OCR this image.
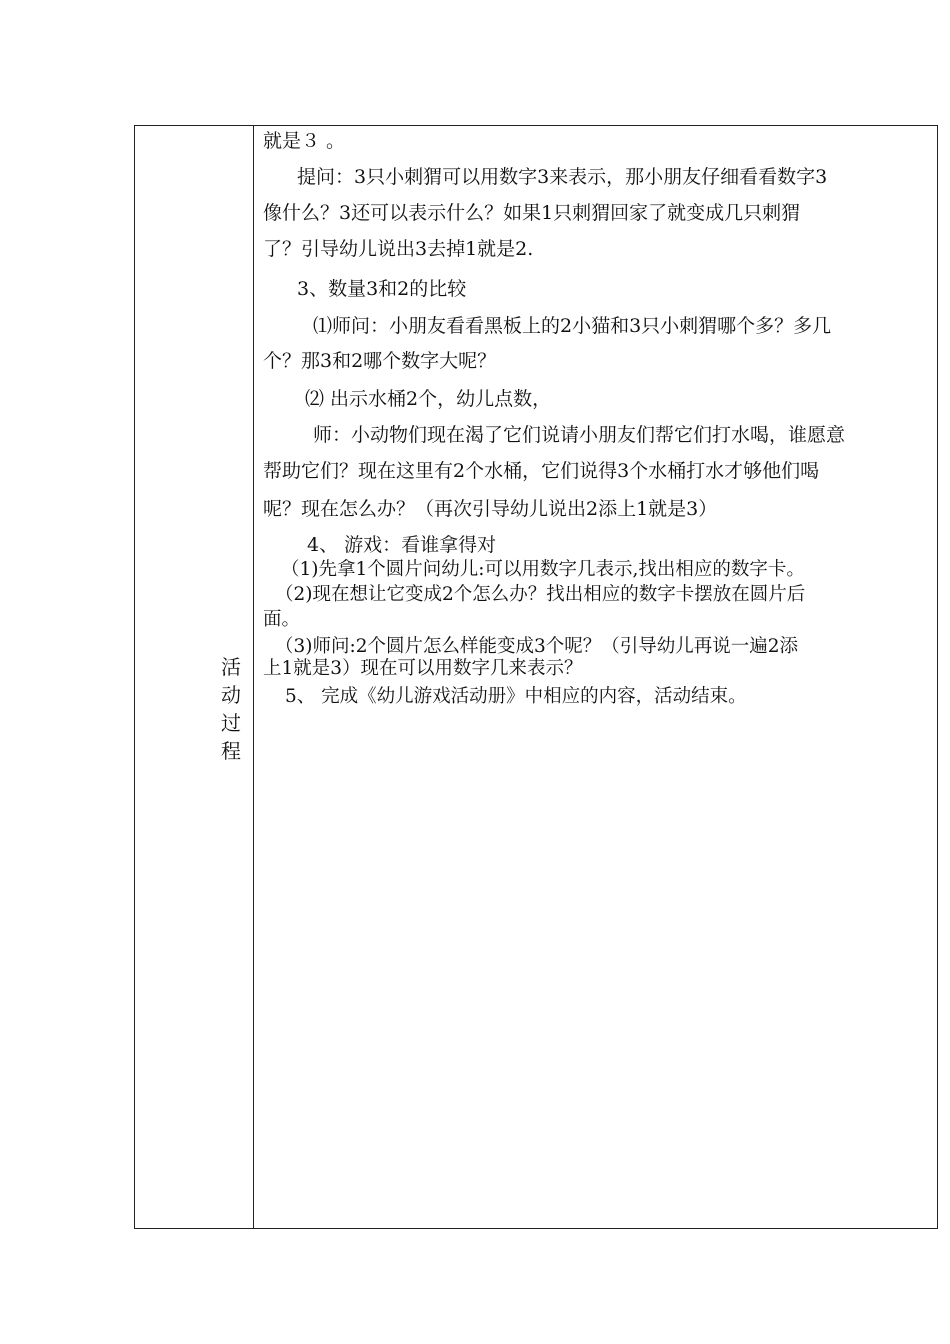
活
动
过
程
就是３ 。
提问：3只小刺猬可以用数字3来表示，那小朋友仔细看看数字3
像什么？3还可以表示什么？如果1只刺猬回家了就变成几只刺猬
了？引导幼儿说出3去掉1就是2.
3、数量3和2的比较
⑴师问：小朋友看看黑板上的2小猫和3只小刺猬哪个多？多几
个？那3和2哪个数字大呢？
⑵ 出示水桶2个，幼儿点数，
师：小动物们现在渴了它们说请小朋友们帮它们打水喝，谁愿意
帮助它们？现在这里有2个水桶，它们说得3个水桶打水才够他们喝
呢？现在怎么办？（再次引导幼儿说出2添上1就是3）
4、 游戏：看谁拿得对
（1)先拿1个圆片问幼儿:可以用数字几表示,找出相应的数字卡。
（2)现在想让它变成2个怎么办？找出相应的数字卡摆放在圆片后
面。
（3)师问:2个圆片怎么样能变成3个呢？（引导幼儿再说一遍2添
上1就是3）现在可以用数字几来表示？
5、 完成《幼儿游戏活动册》中相应的内容，活动结束。
